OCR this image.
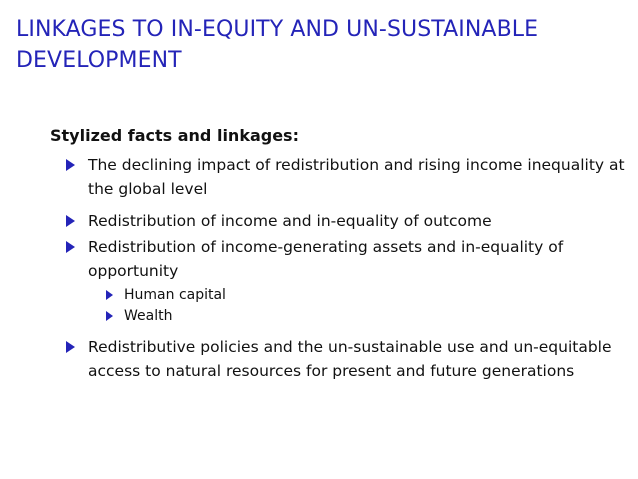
LINKAGES TO IN-EQUITY AND UN-SUSTAINABLE DEVELOPMENT
Stylized facts and linkages:
The declining impact of redistribution and rising income inequality at the global level
Redistribution of income and in-equality of outcome
Redistribution of income-generating assets and in-equality of opportunity
Human capital
Wealth
Redistributive policies and the un-sustainable use and un-equitable access to natural resources for present and future generations
